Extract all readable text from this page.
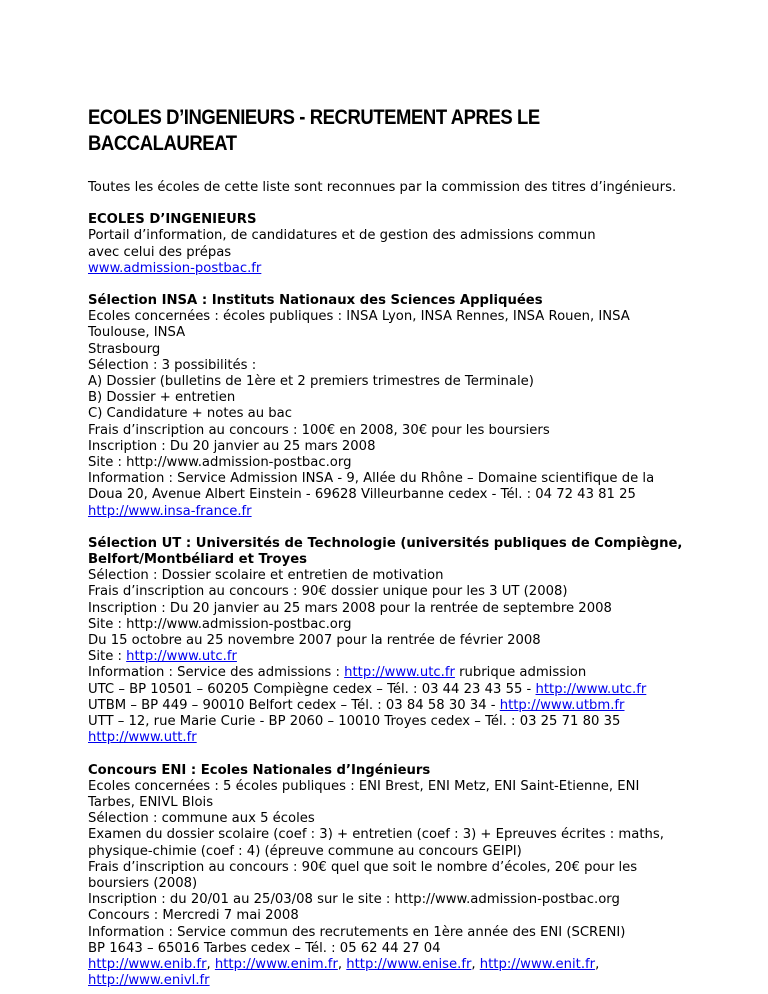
ECOLES D’INGENIEURS - RECRUTEMENT APRES LE
BACCALAUREAT
Toutes les écoles de cette liste sont reconnues par la commission des titres d’ingénieurs.
ECOLES D’INGENIEURS
Portail d’information, de candidatures et de gestion des admissions commun
avec celui des prépas
www.admission-postbac.fr
Sélection INSA : Instituts Nationaux des Sciences Appliquées
Ecoles concernées : écoles publiques : INSA Lyon, INSA Rennes, INSA Rouen, INSA
Toulouse, INSA
Strasbourg
Sélection : 3 possibilités :
A) Dossier (bulletins de 1ère et 2 premiers trimestres de Terminale)
B) Dossier + entretien
C) Candidature + notes au bac
Frais d’inscription au concours : 100€ en 2008, 30€ pour les boursiers
Inscription : Du 20 janvier au 25 mars 2008
Site : http://www.admission-postbac.org
Information : Service Admission INSA - 9, Allée du Rhône – Domaine scientifique de la
Doua 20, Avenue Albert Einstein - 69628 Villeurbanne cedex - Tél. : 04 72 43 81 25
http://www.insa-france.fr
Sélection UT : Universités de Technologie (universités publiques de Compiègne,
Belfort/Montbéliard et Troyes
Sélection : Dossier scolaire et entretien de motivation
Frais d’inscription au concours : 90€ dossier unique pour les 3 UT (2008)
Inscription : Du 20 janvier au 25 mars 2008 pour la rentrée de septembre 2008
Site : http://www.admission-postbac.org
Du 15 octobre au 25 novembre 2007 pour la rentrée de février 2008
Site : http://www.utc.fr
Information : Service des admissions : http://www.utc.fr rubrique admission
UTC – BP 10501 – 60205 Compiègne cedex – Tél. : 03 44 23 43 55 - http://www.utc.fr
UTBM – BP 449 – 90010 Belfort cedex – Tél. : 03 84 58 30 34 - http://www.utbm.fr
UTT – 12, rue Marie Curie - BP 2060 – 10010 Troyes cedex – Tél. : 03 25 71 80 35
http://www.utt.fr
Concours ENI : Ecoles Nationales d’Ingénieurs
Ecoles concernées : 5 écoles publiques : ENI Brest, ENI Metz, ENI Saint-Etienne, ENI
Tarbes, ENIVL Blois
Sélection : commune aux 5 écoles
Examen du dossier scolaire (coef : 3) + entretien (coef : 3) + Epreuves écrites : maths,
physique-chimie (coef : 4) (épreuve commune au concours GEIPI)
Frais d’inscription au concours : 90€ quel que soit le nombre d’écoles, 20€ pour les
boursiers (2008)
Inscription : du 20/01 au 25/03/08 sur le site : http://www.admission-postbac.org
Concours : Mercredi 7 mai 2008
Information : Service commun des recrutements en 1ère année des ENI (SCRENI)
BP 1643 – 65016 Tarbes cedex – Tél. : 05 62 44 27 04
http://www.enib.fr, http://www.enim.fr, http://www.enise.fr, http://www.enit.fr,
http://www.enivl.fr
